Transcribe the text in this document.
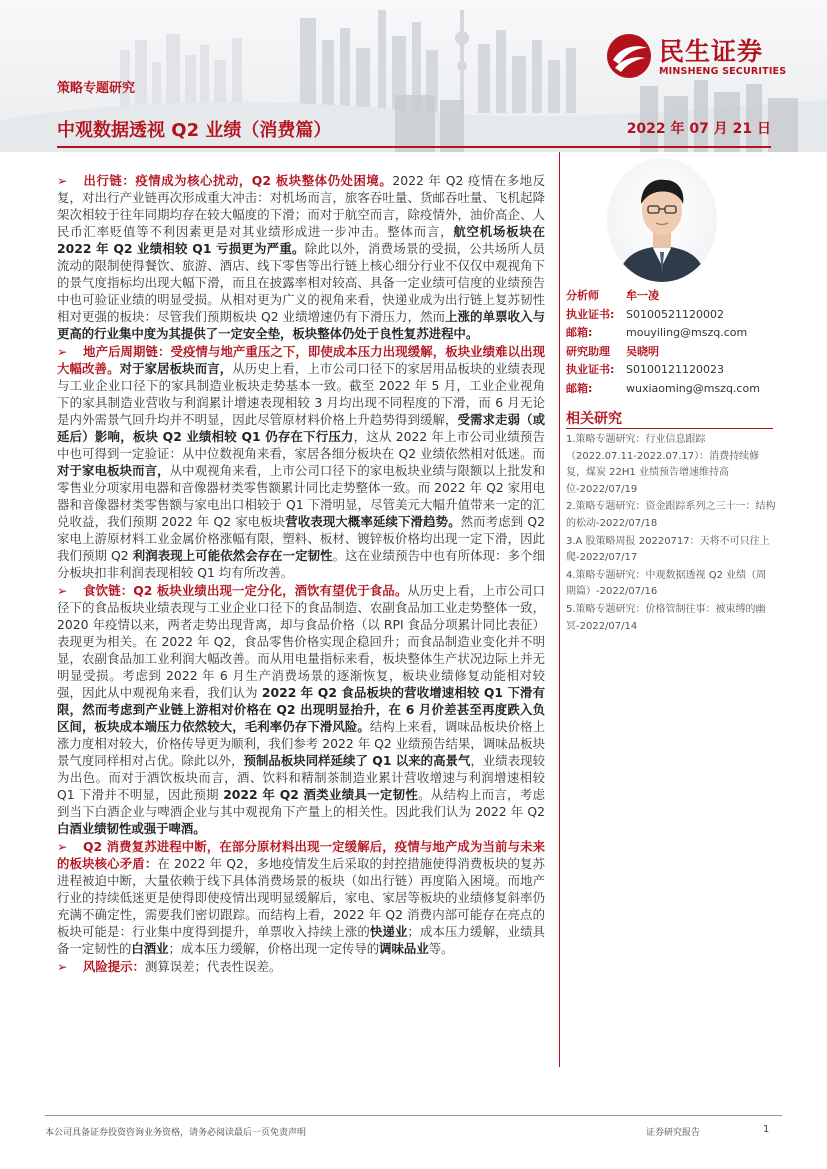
策略专题研究
中观数据透视 Q2 业绩（消费篇）	2022 年 07 月 21 日
民生证券
MINSHENG SECURITIES

➢ 出行链：疫情成为核心扰动，Q2 板块整体仍处困境。2022 年 Q2 疫情在多地反复，对出行产业链再次形成重大冲击：对机场而言，旅客吞吐量、货邮吞吐量、飞机起降架次相较于往年同期均存在较大幅度的下滑；而对于航空而言，除疫情外，油价高企、人民币汇率贬值等不利因素更是对其业绩形成进一步冲击。整体而言，航空机场板块在 2022 年 Q2 业绩相较 Q1 亏损更为严重。除此以外，消费场景的受损，公共场所人员流动的限制使得餐饮、旅游、酒店、线下零售等出行链上核心细分行业不仅仅中观视角下的景气度指标均出现大幅下滑，而且在披露率相对较高、具备一定业绩可信度的业绩预告中也可验证业绩的明显受损。从相对更为广义的视角来看，快递业成为出行链上复苏韧性相对更强的板块：尽管我们预期板块 Q2 业绩增速仍有下滑压力，然而上涨的单票收入与更高的行业集中度为其提供了一定安全垫，板块整体仍处于良性复苏进程中。

➢ 地产后周期链：受疫情与地产重压之下，即使成本压力出现缓解，板块业绩难以出现大幅改善。对于家居板块而言，从历史上看，上市公司口径下的家居用品板块的业绩表现与工业企业口径下的家具制造业板块走势基本一致。截至 2022 年 5 月，工业企业视角下的家具制造业营收与利润累计增速表现相较 3 月均出现不同程度的下滑，而 6 月无论是内外需景气回升均并不明显，因此尽管原材料价格上升趋势得到缓解，受需求走弱（或延后）影响，板块 Q2 业绩相较 Q1 仍存在下行压力，这从 2022 年上市公司业绩预告中也可得到一定验证：从中位数视角来看，家居各细分板块在 Q2 业绩依然相对低迷。而对于家电板块而言，从中观视角来看，上市公司口径下的家电板块业绩与限额以上批发和零售业分项家用电器和音像器材类零售额累计同比走势整体一致。而 2022 年 Q2 家用电器和音像器材类零售额与家电出口相较于 Q1 下滑明显，尽管美元大幅升值带来一定的汇兑收益，我们预期 2022 年 Q2 家电板块营收表现大概率延续下滑趋势。然而考虑到 Q2 家电上游原材料工业金属价格涨幅有限，塑料、板材、镀锌板价格均出现一定下滑，因此我们预期 Q2 利润表现上可能依然会存在一定韧性。这在业绩预告中也有所体现：多个细分板块扣非利润表现相较 Q1 均有所改善。

➢ 食饮链：Q2 板块业绩出现一定分化，酒饮有望优于食品。从历史上看，上市公司口径下的食品板块业绩表现与工业企业口径下的食品制造、农副食品加工业走势整体一致，2020 年疫情以来，两者走势出现背离，却与食品价格（以 RPI 食品分项累计同比表征）表现更为相关。在 2022 年 Q2，食品零售价格实现企稳回升；而食品制造业变化并不明显，农副食品加工业利润大幅改善。而从用电量指标来看，板块整体生产状况边际上并无明显受损。考虑到 2022 年 6 月生产消费场景的逐渐恢复，板块业绩修复动能相对较强，因此从中观视角来看，我们认为 2022 年 Q2 食品板块的营收增速相较 Q1 下滑有限，然而考虑到产业链上游相对价格在 Q2 出现明显抬升，在 6 月价差甚至再度跌入负区间，板块成本端压力依然较大，毛利率仍存下滑风险。结构上来看，调味品板块价格上涨力度相对较大，价格传导更为顺利，我们参考 2022 年 Q2 业绩预告结果，调味品板块景气度同样相对占优。除此以外，预制品板块同样延续了 Q1 以来的高景气，业绩表现较为出色。而对于酒饮板块而言，酒、饮料和精制茶制造业累计营收增速与利润增速相较 Q1 下滑并不明显，因此预期 2022 年 Q2 酒类业绩具一定韧性。从结构上而言，考虑到当下白酒企业与啤酒企业与其中观视角下产量上的相关性。因此我们认为 2022 年 Q2 白酒业绩韧性或强于啤酒。

➢ Q2 消费复苏进程中断，在部分原材料出现一定缓解后，疫情与地产成为当前与未来的板块核心矛盾：在 2022 年 Q2，多地疫情发生后采取的封控措施使得消费板块的复苏进程被迫中断，大量依赖于线下具体消费场景的板块（如出行链）再度陷入困境。而地产行业的持续低迷更是使得即使疫情出现明显缓解后，家电、家居等板块的业绩修复斜率仍充满不确定性，需要我们密切跟踪。而结构上看，2022 年 Q2 消费内部可能存在亮点的板块可能是：行业集中度得到提升，单票收入持续上涨的快递业；成本压力缓解，业绩具备一定韧性的白酒业；成本压力缓解，价格出现一定传导的调味品业等。

➢ 风险提示：测算误差；代表性误差。

分析师 牟一凌
执业证书: S0100521120002
邮箱:	mouyiling@mszq.com
研究助理 吴晓明
执业证书: S0100121120023
邮箱:	wuxiaoming@mszq.com
相关研究
1.策略专题研究：行业信息跟踪（2022.07.11-2022.07.17）：消费持续修复，煤炭 22H1 业绩预告增速维持高位-2022/07/19
2.策略专题研究：资金跟踪系列之三十一：结构的松动-2022/07/18
3.A 股策略周报 20220717：天将不可只往上爬-2022/07/17
4.策略专题研究：中观数据透视 Q2 业绩（周期篇）-2022/07/16
5.策略专题研究：价格管制往事：被束缚的幽冥-2022/07/14
本公司具备证券投资咨询业务资格，请务必阅读最后一页免责声明	证券研究报告	1
